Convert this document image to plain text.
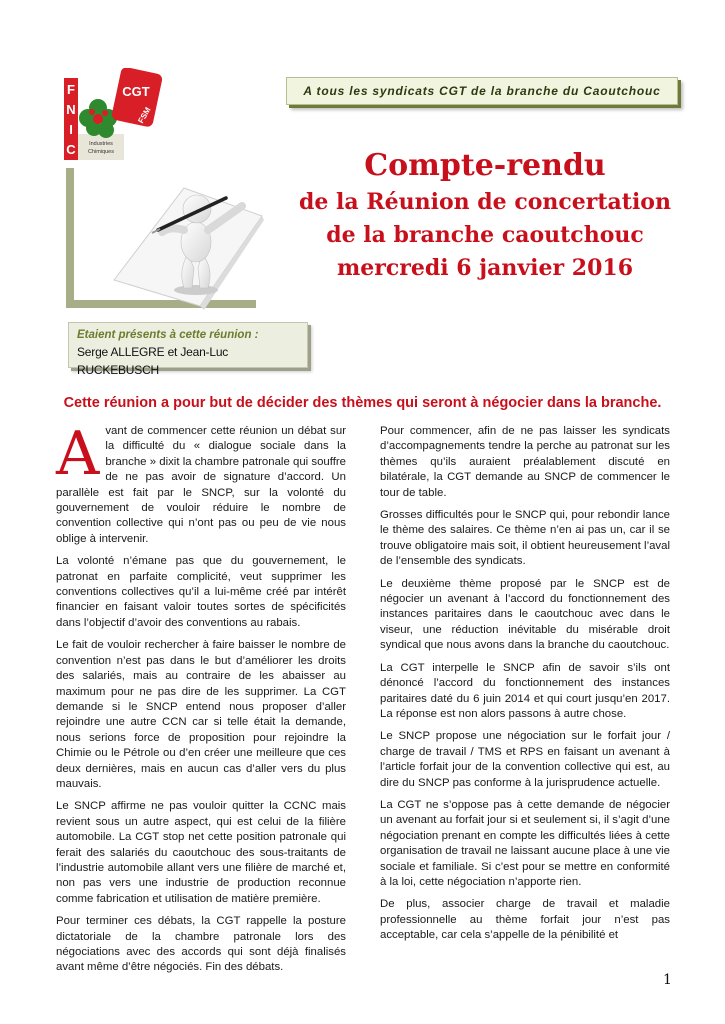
F
N
I
C Industries
Chimiques
CGT
FSM
A tous les syndicats CGT de la branche du Caoutchouc
Compte-rendu
de la Réunion de concertation
de la branche caoutchouc
mercredi 6 janvier 2016
Etaient présents à cette réunion :
Serge ALLEGRE et Jean-Luc RUCKEBUSCH
Cette réunion a pour but de décider des thèmes qui seront à négocier dans la branche.

Avant de commencer cette réunion un débat sur la difficulté du « dialogue sociale dans la branche » dixit la chambre patronale qui souffre de ne pas avoir de signature d’accord. Un parallèle est fait par le SNCP, sur la volonté du gouvernement de vouloir réduire le nombre de convention collective qui n’ont pas ou peu de vie nous oblige à intervenir.

La volonté n’émane pas que du gouvernement, le patronat en parfaite complicité, veut supprimer les conventions collectives qu’il a lui-même créé par intérêt financier en faisant valoir toutes sortes de spécificités dans l’objectif d’avoir des conventions au rabais.

Le fait de vouloir rechercher à faire baisser le nombre de convention n’est pas dans le but d’améliorer les droits des salariés, mais au contraire de les abaisser au maximum pour ne pas dire de les supprimer. La CGT demande si le SNCP entend nous proposer d’aller rejoindre une autre CCN car si telle était la demande, nous serions force de proposition pour rejoindre la Chimie ou le Pétrole ou d’en créer une meilleure que ces deux dernières, mais en aucun cas d’aller vers du plus mauvais.

Le SNCP affirme ne pas vouloir quitter la CCNC mais revient sous un autre aspect, qui est celui de la filière automobile. La CGT stop net cette position patronale qui ferait des salariés du caoutchouc des sous-traitants de l’industrie automobile allant vers une filière de marché et, non pas vers une industrie de production reconnue comme fabrication et utilisation de matière première.

Pour terminer ces débats, la CGT rappelle la posture dictatoriale de la chambre patronale lors des négociations avec des accords qui sont déjà finalisés avant même d’être négociés. Fin des débats.

Pour commencer, afin de ne pas laisser les syndicats d’accompagnements tendre la perche au patronat sur les thèmes qu’ils auraient préalablement discuté en bilatérale, la CGT demande au SNCP de commencer le tour de table.

Grosses difficultés pour le SNCP qui, pour rebondir lance le thème des salaires. Ce thème n’en ai pas un, car il se trouve obligatoire mais soit, il obtient heureusement l’aval de l’ensemble des syndicats.

Le deuxième thème proposé par le SNCP est de négocier un avenant à l’accord du fonctionnement des instances paritaires dans le caoutchouc avec dans le viseur, une réduction inévitable du misérable droit syndical que nous avons dans la branche du caoutchouc.

La CGT interpelle le SNCP afin de savoir s’ils ont dénoncé l’accord du fonctionnement des instances paritaires daté du 6 juin 2014 et qui court jusqu’en 2017. La réponse est non alors passons à autre chose.

Le SNCP propose une négociation sur le forfait jour / charge de travail / TMS et RPS en faisant un avenant à l’article forfait jour de la convention collective qui est, au dire du SNCP pas conforme à la jurisprudence actuelle.

La CGT ne s’oppose pas à cette demande de négocier un avenant au forfait jour si et seulement si, il s’agit d’une négociation prenant en compte les difficultés liées à cette organisation de travail ne laissant aucune place à une vie sociale et familiale. Si c’est pour se mettre en conformité à la loi, cette négociation n’apporte rien.

De plus, associer charge de travail et maladie professionnelle au thème forfait jour n’est pas acceptable, car cela s’appelle de la pénibilité et

1
